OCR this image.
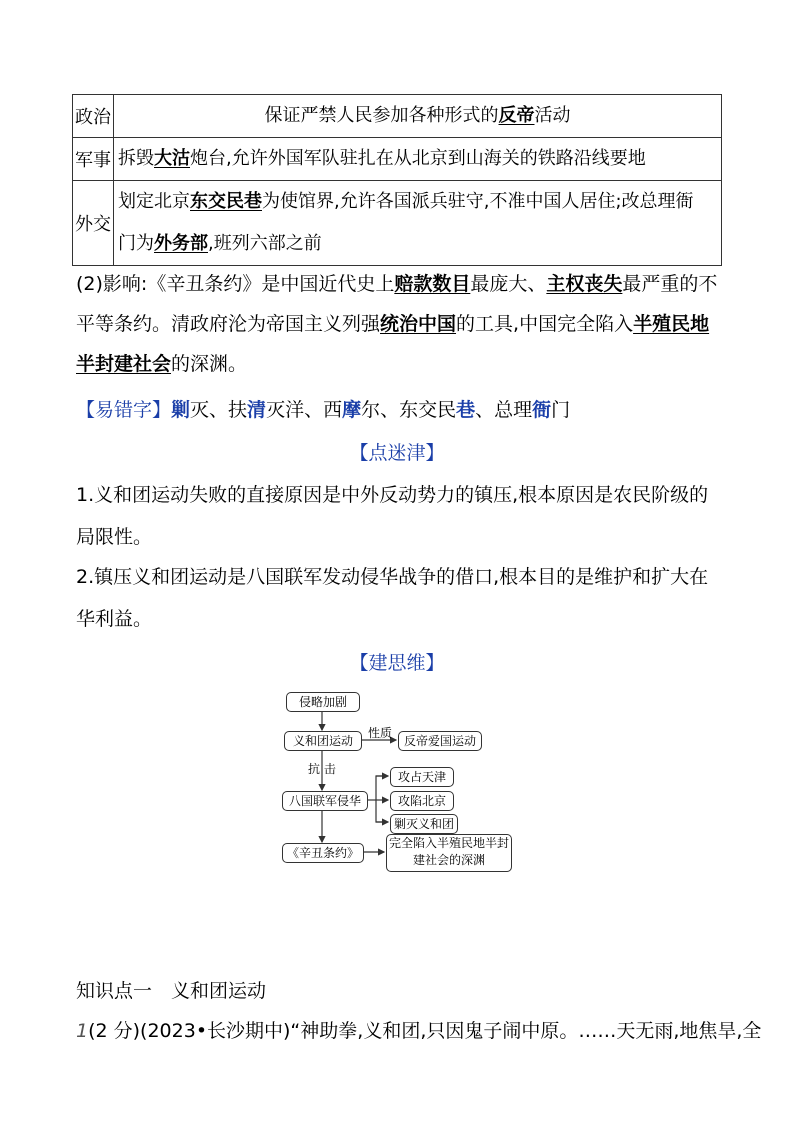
政治	保证严禁人民参加各种形式的反帝活动
军事	拆毁大沽炮台,允许外国军队驻扎在从北京到山海关的铁路沿线要地
外交	划定北京东交民巷为使馆界,允许各国派兵驻守,不准中国人居住;改总理衙
门为外务部,班列六部之前
(2)影响:《辛丑条约》是中国近代史上赔款数目最庞大、主权丧失最严重的不平等条约。清政府沦为帝国主义列强统治中国的工具,中国完全陷入半殖民地半封建社会的深渊。
【易错字】剿灭、扶清灭洋、西摩尔、东交民巷、总理衙门
【点迷津】
1.义和团运动失败的直接原因是中外反动势力的镇压,根本原因是农民阶级的局限性。
2.镇压义和团运动是八国联军发动侵华战争的借口,根本目的是维护和扩大在华利益。
【建思维】
侵略加剧
义和团运动
性质
反帝爱国运动
抗 击
八国联军侵华
攻占天津
攻陷北京
剿灭义和团
《辛丑条约》
完全陷入半殖民地半封
建社会的深渊
知识点一　义和团运动
1(2 分)(2023•长沙期中)“神助拳,义和团,只因鬼子闹中原。……天无雨,地焦旱,全
